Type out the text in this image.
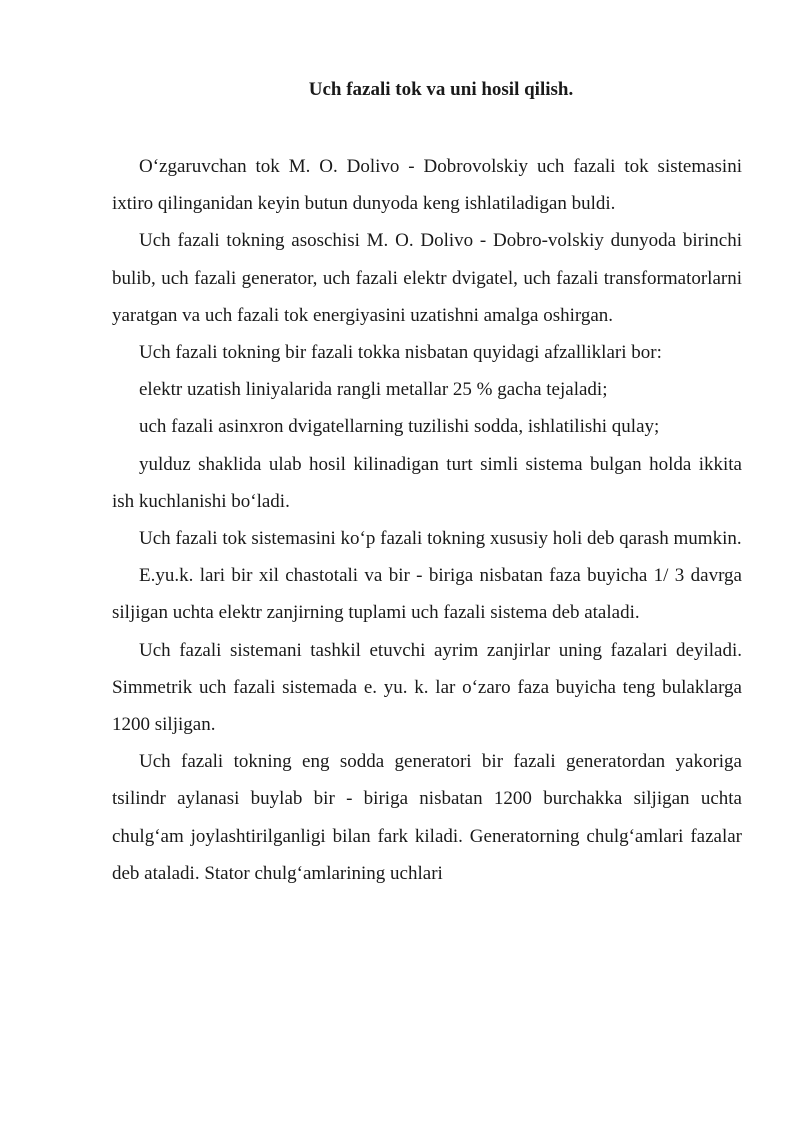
Uch fazali tok va uni hosil qilish.

O‘zgaruvchan tok M. O. Dolivo - Dobrovolskiy uch fazali tok sistemasini ixtiro qilinganidan keyin butun dunyoda keng ishlatiladigan buldi.

Uch fazali tokning asoschisi M. O. Dolivo - Dobro-volskiy dunyoda birinchi bulib, uch fazali generator, uch fazali elektr dvigatel, uch fazali transformatorlarni yaratgan va uch fazali tok energiyasini uzatishni amalga oshirgan.

Uch fazali tokning bir fazali tokka nisbatan quyidagi afzalliklari bor:

elektr uzatish liniyalarida rangli metallar 25 % gacha tejaladi;

uch fazali asinxron dvigatellarning tuzilishi sodda, ishlatilishi qulay;

yulduz shaklida ulab hosil kilinadigan turt simli sistema bulgan holda ikkita ish kuchlanishi bo‘ladi.

Uch fazali tok sistemasini ko‘p fazali tokning xususiy holi deb qarash mumkin.

E.yu.k. lari bir xil chastotali va bir - biriga nisbatan faza buyicha 1/ 3 davrga siljigan uchta elektr zanjirning tuplami uch fazali sistema deb ataladi.

Uch fazali sistemani tashkil etuvchi ayrim zanjirlar uning fazalari deyiladi. Simmetrik uch fazali sistemada e. yu. k. lar o‘zaro faza buyicha teng bulaklarga 1200 siljigan.

Uch fazali tokning eng sodda generatori bir fazali generatordan yakoriga tsilindr aylanasi buylab bir - biriga nisbatan 1200 burchakka siljigan uchta chulg‘am joylashtirilganligi bilan fark kiladi. Generatorning chulg‘amlari fazalar deb ataladi. Stator chulg‘amlarining uchlari
